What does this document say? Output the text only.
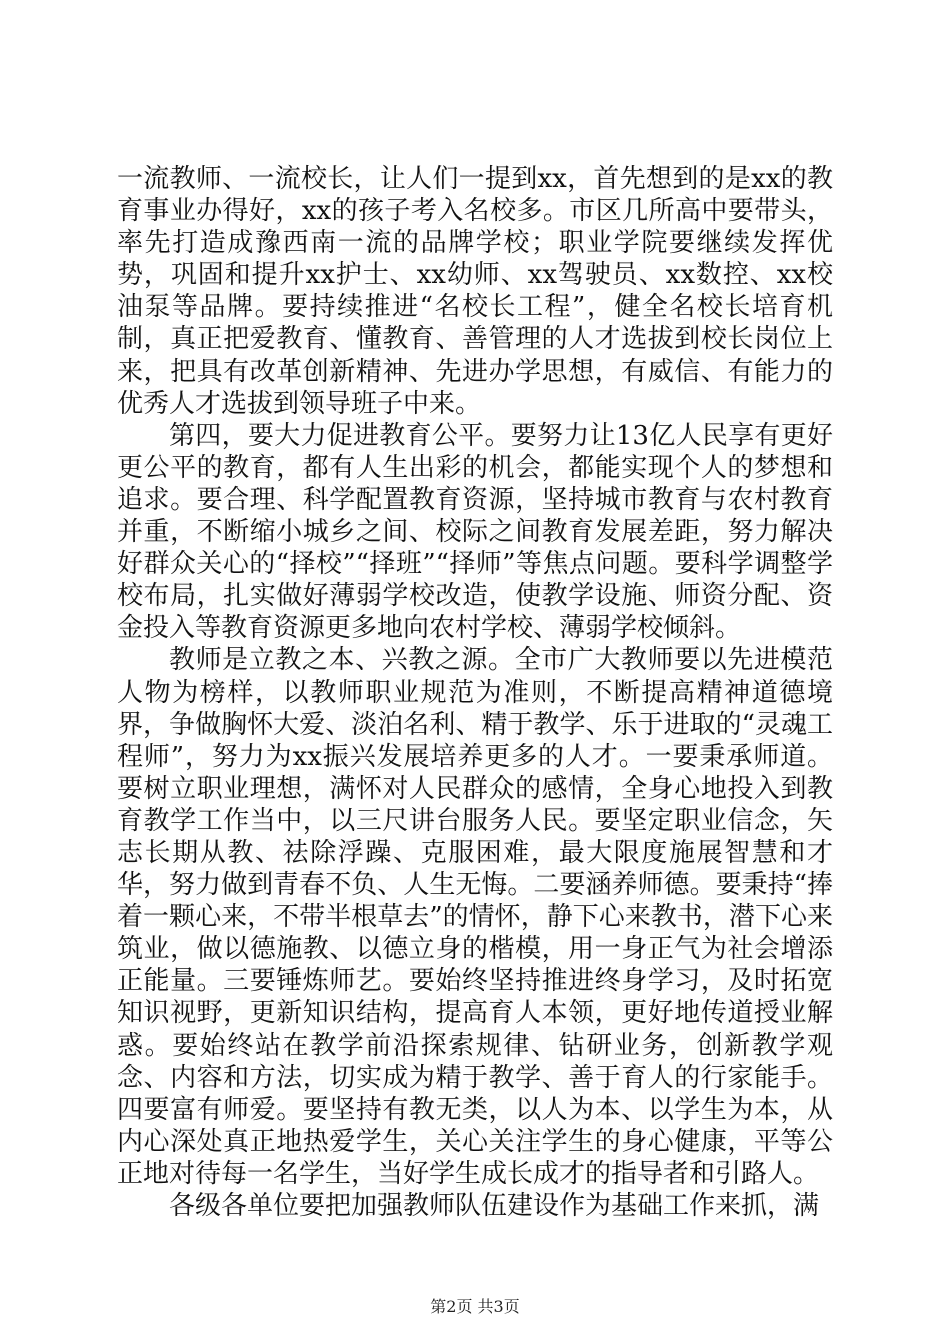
一流教师、一流校长，让人们一提到xx，首先想到的是xx的教育事业办得好，xx的孩子考入名校多。市区几所高中要带头，率先打造成豫西南一流的品牌学校；职业学院要继续发挥优势，巩固和提升xx护士、xx幼师、xx驾驶员、xx数控、xx校油泵等品牌。要持续推进“名校长工程”，健全名校长培育机制，真正把爱教育、懂教育、善管理的人才选拔到校长岗位上来，把具有改革创新精神、先进办学思想，有威信、有能力的优秀人才选拔到领导班子中来。

第四，要大力促进教育公平。要努力让13亿人民享有更好更公平的教育，都有人生出彩的机会，都能实现个人的梦想和追求。要合理、科学配置教育资源，坚持城市教育与农村教育并重，不断缩小城乡之间、校际之间教育发展差距，努力解决好群众关心的“择校”“择班”“择师”等焦点问题。要科学调整学校布局，扎实做好薄弱学校改造，使教学设施、师资分配、资金投入等教育资源更多地向农村学校、薄弱学校倾斜。

教师是立教之本、兴教之源。全市广大教师要以先进模范人物为榜样，以教师职业规范为准则，不断提高精神道德境界，争做胸怀大爱、淡泊名利、精于教学、乐于进取的“灵魂工程师”，努力为xx振兴发展培养更多的人才。一要秉承师道。要树立职业理想，满怀对人民群众的感情，全身心地投入到教育教学工作当中，以三尺讲台服务人民。要坚定职业信念，矢志长期从教、祛除浮躁、克服困难，最大限度施展智慧和才华，努力做到青春不负、人生无悔。二要涵养师德。要秉持“捧着一颗心来，不带半根草去”的情怀，静下心来教书，潜下心来筑业，做以德施教、以德立身的楷模，用一身正气为社会增添正能量。三要锤炼师艺。要始终坚持推进终身学习，及时拓宽知识视野，更新知识结构，提高育人本领，更好地传道授业解惑。要始终站在教学前沿探索规律、钻研业务，创新教学观念、内容和方法，切实成为精于教学、善于育人的行家能手。四要富有师爱。要坚持有教无类，以人为本、以学生为本，从内心深处真正地热爱学生，关心关注学生的身心健康，平等公正地对待每一名学生，当好学生成长成才的指导者和引路人。

各级各单位要把加强教师队伍建设作为基础工作来抓，满

第2页 共3页
